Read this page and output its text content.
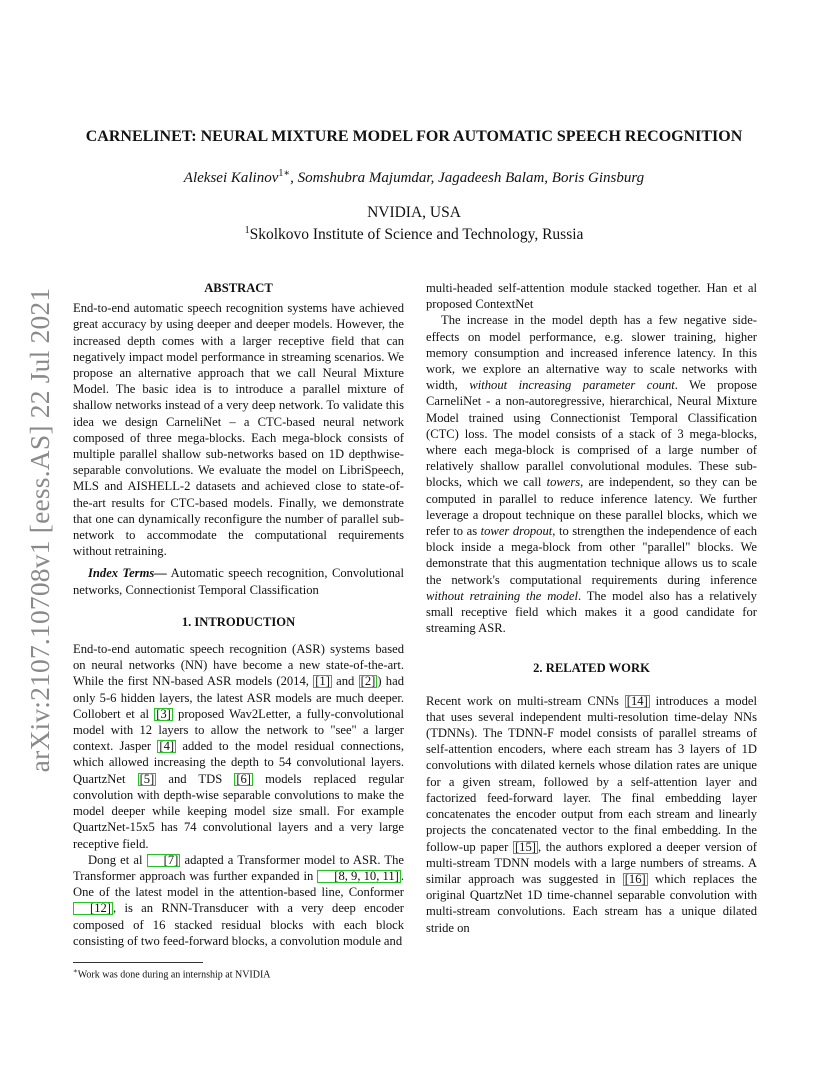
arXiv:2107.10708v1 [eess.AS] 22 Jul 2021
CARNELINET: NEURAL MIXTURE MODEL FOR AUTOMATIC SPEECH RECOGNITION
Aleksei Kalinov$^{1∗}$, Somshubra Majumdar, Jagadeesh Balam, Boris Ginsburg
NVIDIA, USA
$^1$Skolkovo Institute of Science and Technology, Russia

ABSTRACT

End-to-end automatic speech recognition systems have achieved great accuracy by using deeper and deeper models. However, the increased depth comes with a larger receptive field that can negatively impact model performance in streaming scenarios. We propose an alternative approach that we call Neural Mixture Model. The basic idea is to introduce a parallel mixture of shallow networks instead of a very deep network. To validate this idea we design CarneliNet – a CTC-based neural network composed of three mega-blocks. Each mega-block consists of multiple parallel shallow sub-networks based on 1D depthwise-separable convolutions. We evaluate the model on LibriSpeech, MLS and AISHELL-2 datasets and achieved close to state-of-the-art results for CTC-based models. Finally, we demonstrate that one can dynamically reconfigure the number of parallel sub-network to accommodate the computational requirements without retraining.

Index Terms— Automatic speech recognition, Convolutional networks, Connectionist Temporal Classification

1. INTRODUCTION

End-to-end automatic speech recognition (ASR) systems based on neural networks (NN) have become a new state-of-the-art. While the first NN-based ASR models (2014, [1] and [2] ) had only 5-6 hidden layers, the latest ASR models are much deeper. Collobert et al [3] proposed Wav2Letter, a fully-convolutional model with 12 layers to allow the network to "see" a larger context. Jasper [4] added to the model residual connections, which allowed increasing the depth to 54 convolutional layers. QuartzNet [5] and TDS [6] models replaced regular convolution with depth-wise separable convolutions to make the model deeper while keeping model size small. For example QuartzNet-15x5 has 74 convolutional layers and a very large receptive field.

Dong et al [7] adapted a Transformer model to ASR. The Transformer approach was further expanded in [8, 9, 10, 11] . One of the latest model in the attention-based line, Conformer [12] , is an RNN-Transducer with a very deep encoder composed of 16 stacked residual blocks with each block consisting of two feed-forward blocks, a convolution module and

multi-headed self-attention module stacked together. Han et al proposed ContextNet

The increase in the model depth has a few negative side-effects on model performance, e.g. slower training, higher memory consumption and increased inference latency. In this work, we explore an alternative way to scale networks with width, without increasing parameter count. We propose CarneliNet - a non-autoregressive, hierarchical, Neural Mixture Model trained using Connectionist Temporal Classification (CTC) loss. The model consists of a stack of 3 mega-blocks, where each mega-block is comprised of a large number of relatively shallow parallel convolutional modules. These sub-blocks, which we call towers, are independent, so they can be computed in parallel to reduce inference latency. We further leverage a dropout technique on these parallel blocks, which we refer to as tower dropout, to strengthen the independence of each block inside a mega-block from other "parallel" blocks. We demonstrate that this augmentation technique allows us to scale the network's computational requirements during inference without retraining the model. The model also has a relatively small receptive field which makes it a good candidate for streaming ASR.

2. RELATED WORK

Recent work on multi-stream CNNs [14] introduces a model that uses several independent multi-resolution time-delay NNs (TDNNs). The TDNN-F model consists of parallel streams of self-attention encoders, where each stream has 3 layers of 1D convolutions with dilated kernels whose dilation rates are unique for a given stream, followed by a self-attention layer and factorized feed-forward layer. The final embedding layer concatenates the encoder output from each stream and linearly projects the concatenated vector to the final embedding. In the follow-up paper [15] , the authors explored a deeper version of multi-stream TDNN models with a large numbers of streams. A similar approach was suggested in [16] which replaces the original QuartzNet 1D time-channel separable convolution with multi-stream convolutions. Each stream has a unique dilated stride on

∗Work was done during an internship at NVIDIA
